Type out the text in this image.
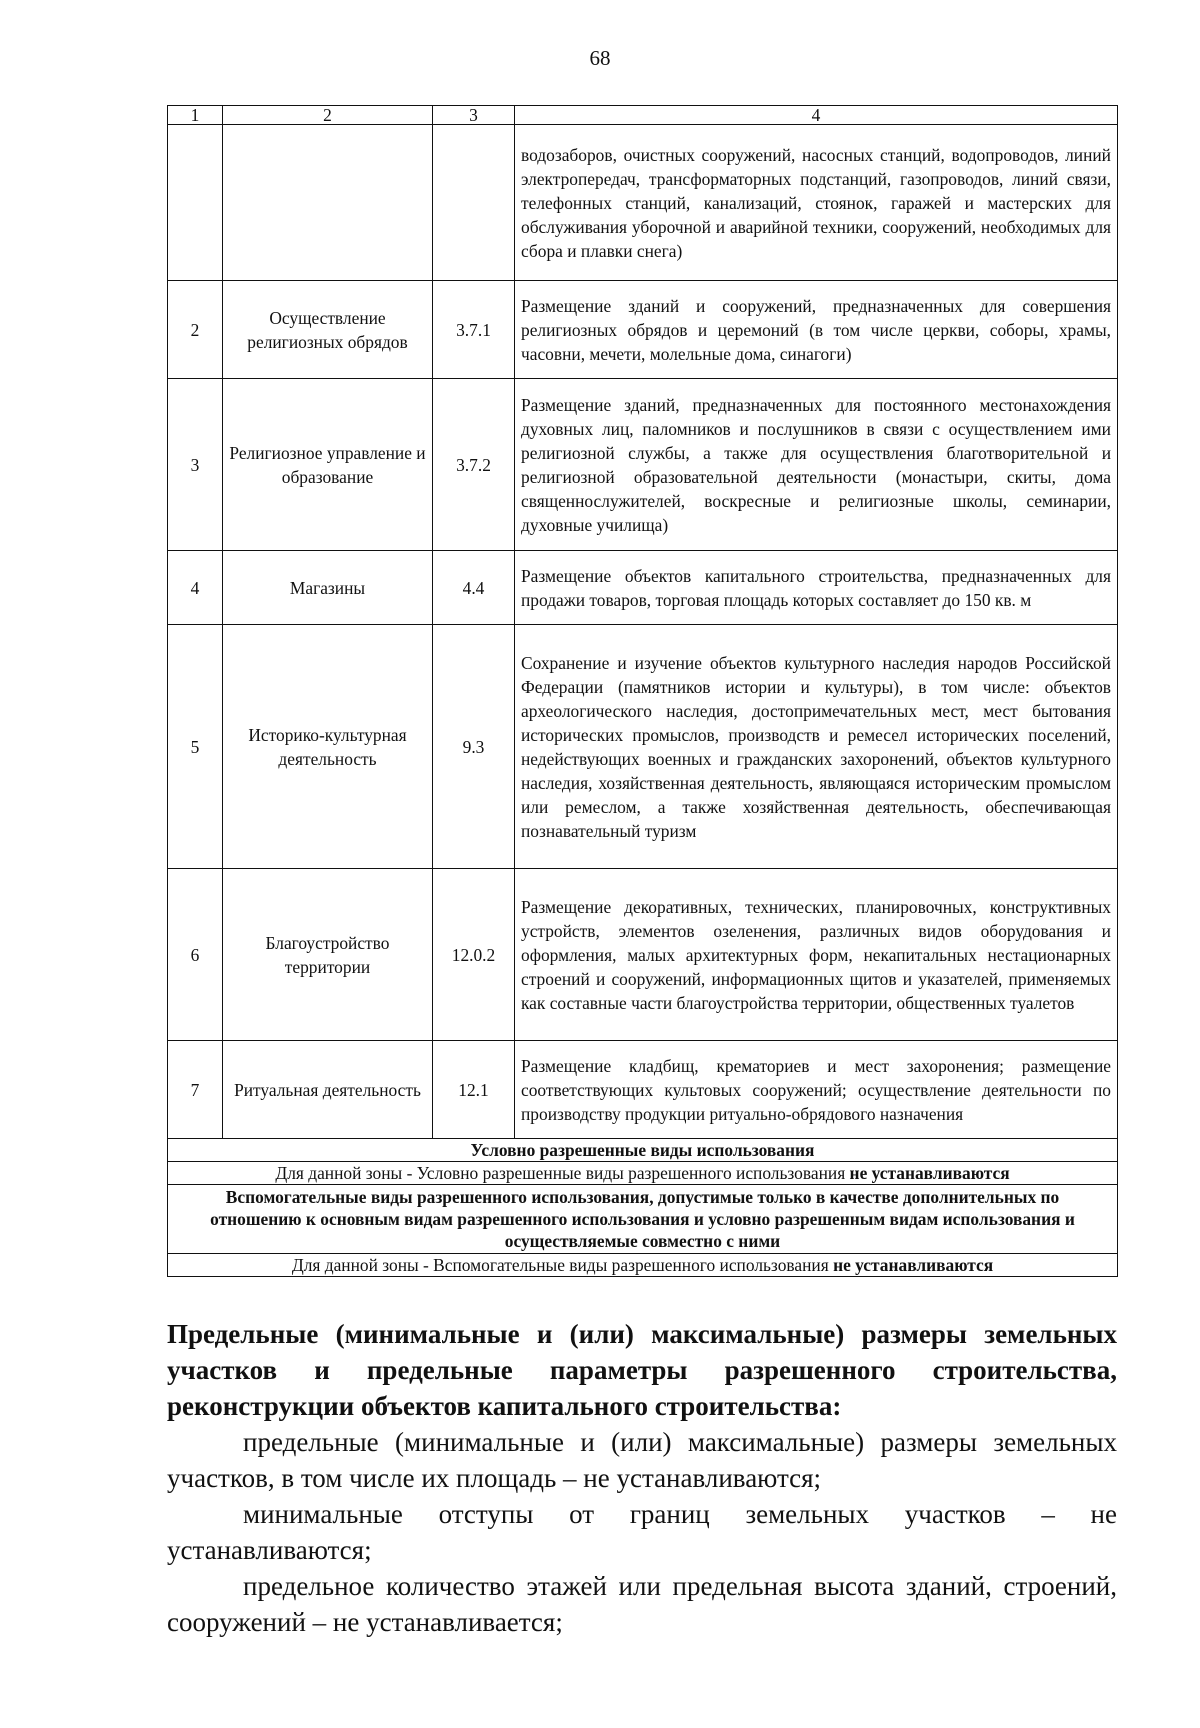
68
1	2	3	4
			водозаборов, очистных сооружений, насосных станций, водопроводов, линий электропередач, трансформаторных подстанций, газопроводов, линий связи, телефонных станций, канализаций, стоянок, гаражей и мастерских для обслуживания уборочной и аварийной техники, сооружений, необходимых для сбора и плавки снега)
2	Осуществление религиозных обрядов	3.7.1	Размещение зданий и сооружений, предназначенных для совершения религиозных обрядов и церемоний (в том числе церкви, соборы, храмы, часовни, мечети, молельные дома, синагоги)
3	Религиозное управление и образование	3.7.2	Размещение зданий, предназначенных для постоянного местонахождения духовных лиц, паломников и послушников в связи с осуществлением ими религиозной службы, а также для осуществления благотворительной и религиозной образовательной деятельности (монастыри, скиты, дома священнослужителей, воскресные и религиозные школы, семинарии, духовные училища)
4	Магазины	4.4	Размещение объектов капитального строительства, предназначенных для продажи товаров, торговая площадь которых составляет до 150 кв. м
5	Историко-культурная деятельность	9.3	Сохранение и изучение объектов культурного наследия народов Российской Федерации (памятников истории и культуры), в том числе: объектов археологического наследия, достопримечательных мест, мест бытования исторических промыслов, производств и ремесел исторических поселений, недействующих военных и гражданских захоронений, объектов культурного наследия, хозяйственная деятельность, являющаяся историческим промыслом или ремеслом, а также хозяйственная деятельность, обеспечивающая познавательный туризм
6	Благоустройство территории	12.0.2	Размещение декоративных, технических, планировочных, конструктивных устройств, элементов озеленения, различных видов оборудования и оформления, малых архитектурных форм, некапитальных нестационарных строений и сооружений, информационных щитов и указателей, применяемых как составные части благоустройства территории, общественных туалетов
7	Ритуальная деятельность	12.1	Размещение кладбищ, крематориев и мест захоронения; размещение соответствующих культовых сооружений; осуществление деятельности по производству продукции ритуально-обрядового назначения
Условно разрешенные виды использования			
Для данной зоны - Условно разрешенные виды разрешенного использования не устанавливаются			
Вспомогательные виды разрешенного использования, допустимые только в качестве дополнительных по отношению к основным видам разрешенного использования и условно разрешенным видам использования и осуществляемые совместно с ними			
Для данной зоны - Вспомогательные виды разрешенного использования не устанавливаются			
Предельные (минимальные и (или) максимальные) размеры земельных участков и предельные параметры разрешенного строительства, реконструкции объектов капитального строительства:
предельные (минимальные и (или) максимальные) размеры земельных участков, в том числе их площадь – не устанавливаются;
минимальные отступы от границ земельных участков – не устанавливаются;
предельное количество этажей или предельная высота зданий, строений, сооружений – не устанавливается;
